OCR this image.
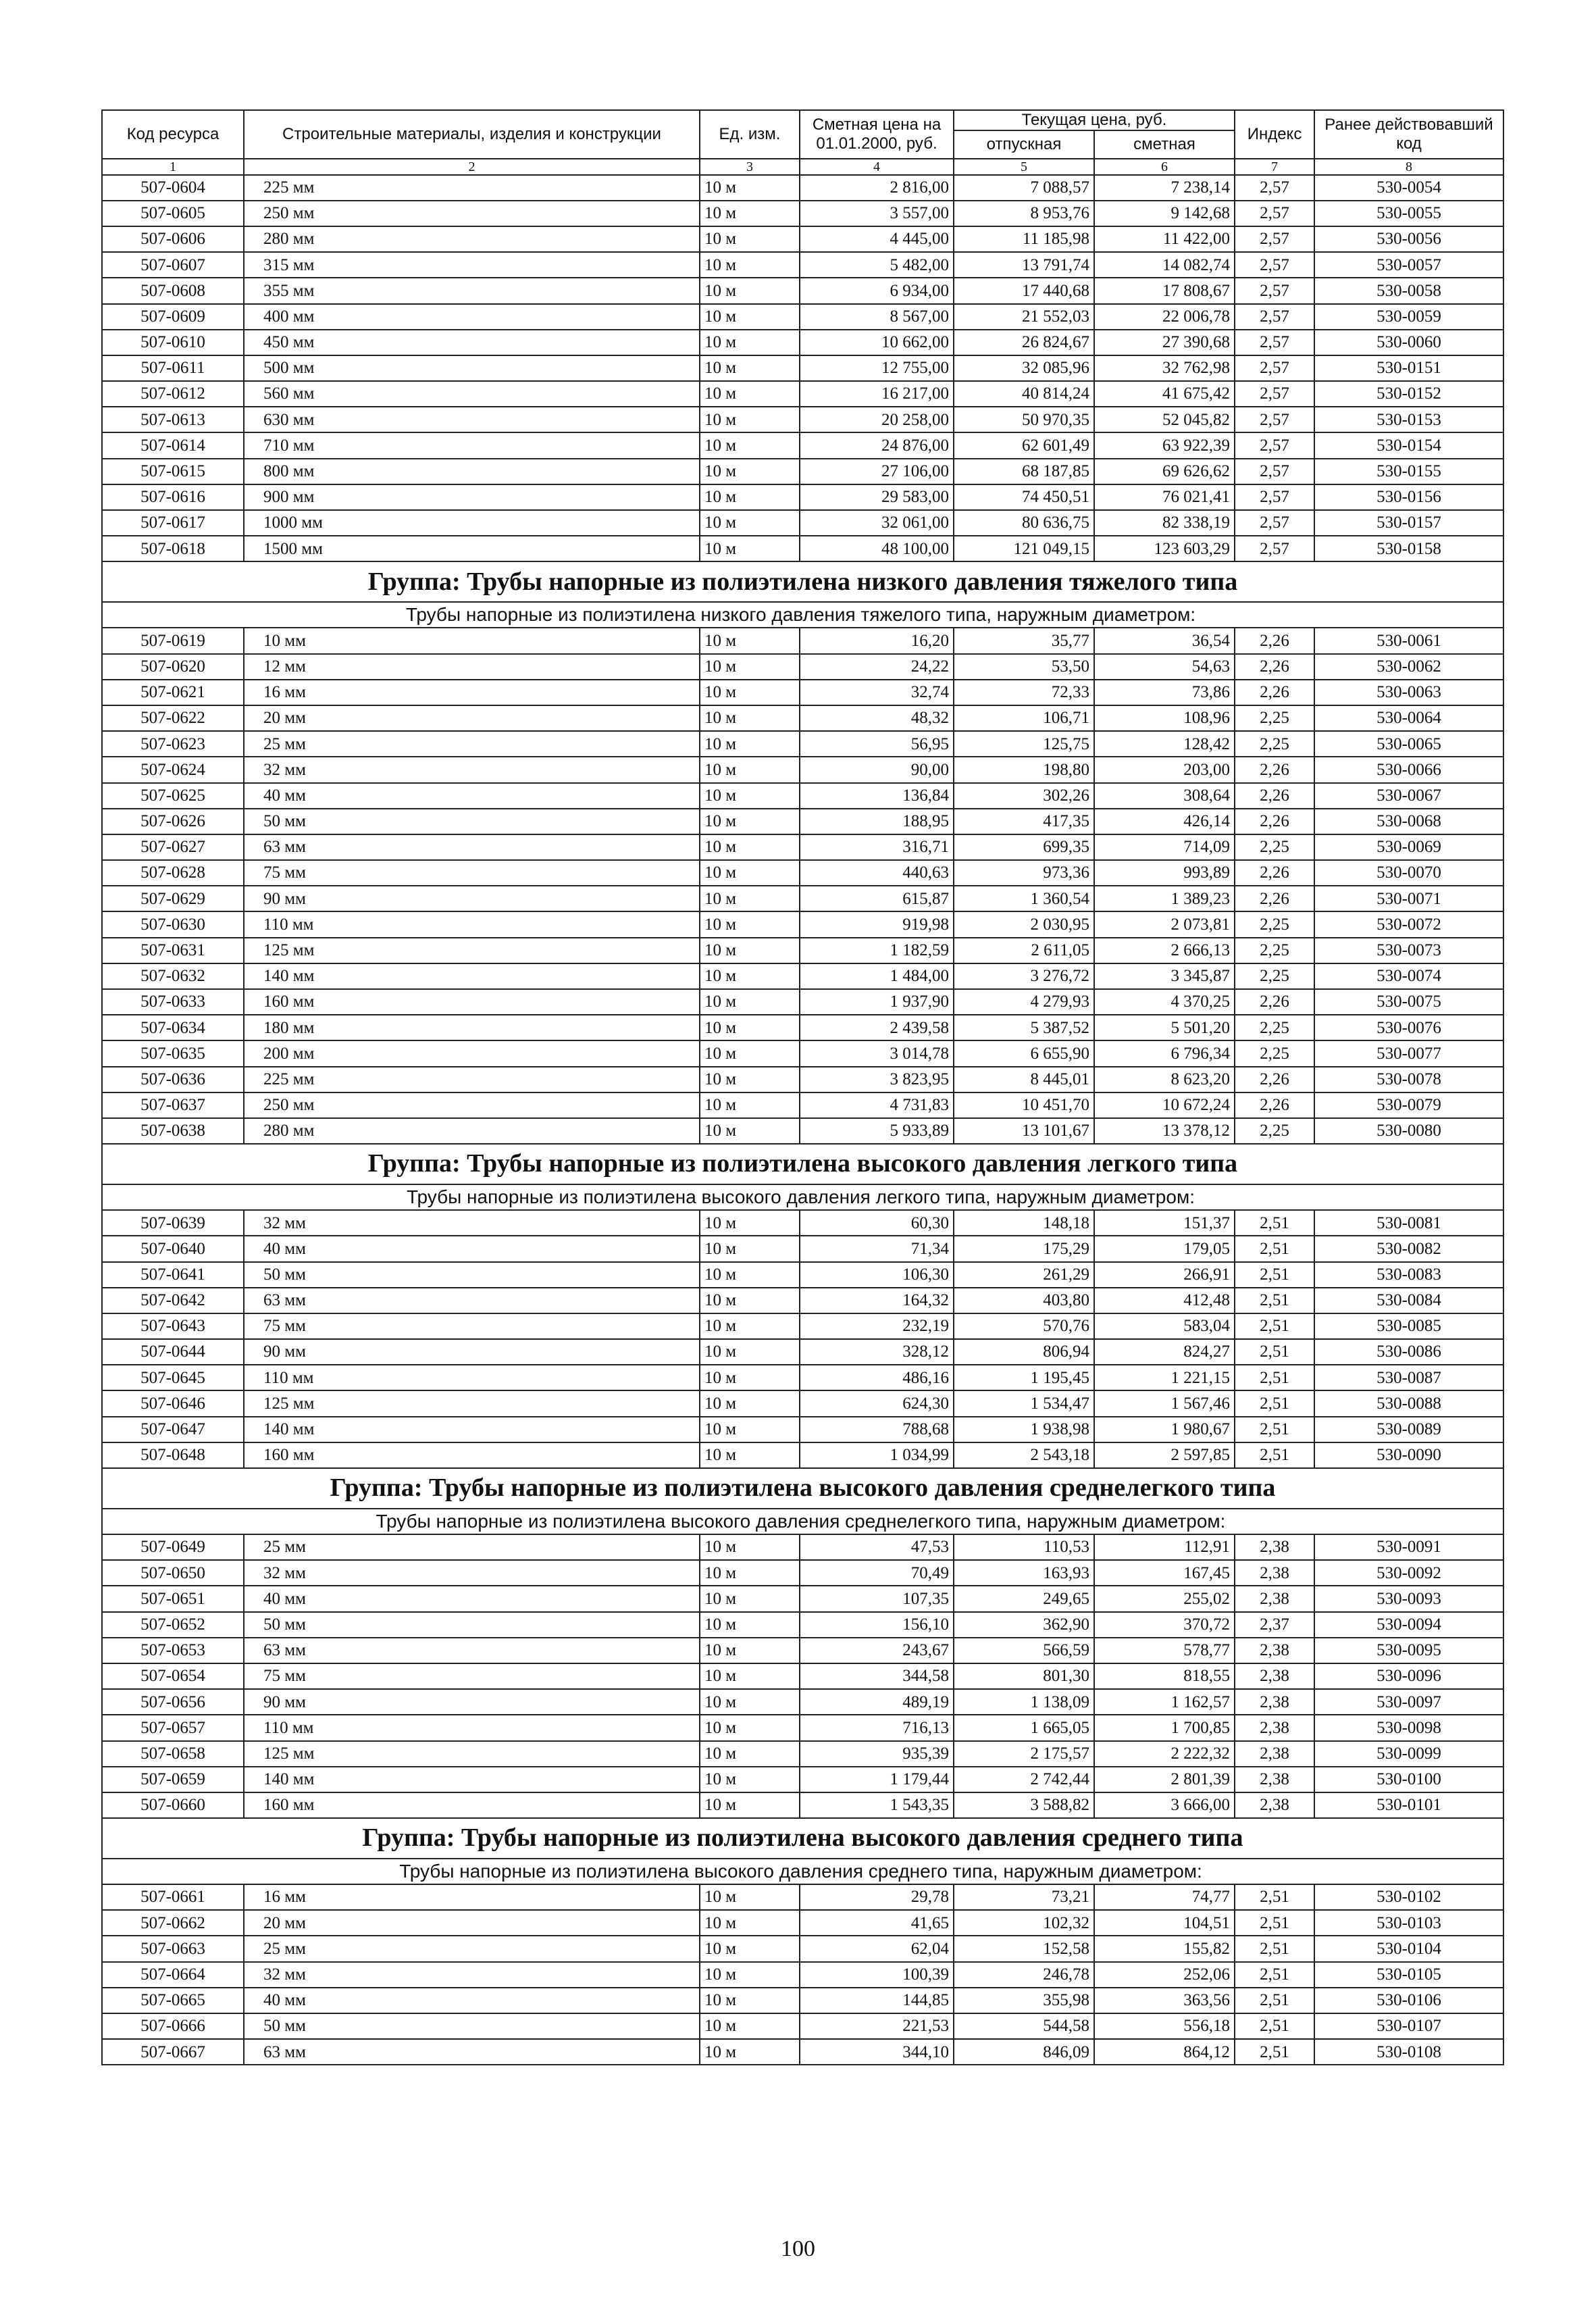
Код ресурса	Строительные материалы, изделия и конструкции	Ед. изм.	Сметная цена на 01.01.2000, руб.	Текущая цена, руб.		Индекс	Ранее действовавший код
				отпускная	сметная		
1	2	3	4	5	6	7	8
507-0604	225 мм	10 м	2 816,00	7 088,57	7 238,14	2,57	530-0054
507-0605	250 мм	10 м	3 557,00	8 953,76	9 142,68	2,57	530-0055
507-0606	280 мм	10 м	4 445,00	11 185,98	11 422,00	2,57	530-0056
507-0607	315 мм	10 м	5 482,00	13 791,74	14 082,74	2,57	530-0057
507-0608	355 мм	10 м	6 934,00	17 440,68	17 808,67	2,57	530-0058
507-0609	400 мм	10 м	8 567,00	21 552,03	22 006,78	2,57	530-0059
507-0610	450 мм	10 м	10 662,00	26 824,67	27 390,68	2,57	530-0060
507-0611	500 мм	10 м	12 755,00	32 085,96	32 762,98	2,57	530-0151
507-0612	560 мм	10 м	16 217,00	40 814,24	41 675,42	2,57	530-0152
507-0613	630 мм	10 м	20 258,00	50 970,35	52 045,82	2,57	530-0153
507-0614	710 мм	10 м	24 876,00	62 601,49	63 922,39	2,57	530-0154
507-0615	800 мм	10 м	27 106,00	68 187,85	69 626,62	2,57	530-0155
507-0616	900 мм	10 м	29 583,00	74 450,51	76 021,41	2,57	530-0156
507-0617	1000 мм	10 м	32 061,00	80 636,75	82 338,19	2,57	530-0157
507-0618	1500 мм	10 м	48 100,00	121 049,15	123 603,29	2,57	530-0158
Группа: Трубы напорные из полиэтилена низкого давления тяжелого типа							
Трубы напорные из полиэтилена низкого давления тяжелого типа, наружным диаметром:							
507-0619	10 мм	10 м	16,20	35,77	36,54	2,26	530-0061
507-0620	12 мм	10 м	24,22	53,50	54,63	2,26	530-0062
507-0621	16 мм	10 м	32,74	72,33	73,86	2,26	530-0063
507-0622	20 мм	10 м	48,32	106,71	108,96	2,25	530-0064
507-0623	25 мм	10 м	56,95	125,75	128,42	2,25	530-0065
507-0624	32 мм	10 м	90,00	198,80	203,00	2,26	530-0066
507-0625	40 мм	10 м	136,84	302,26	308,64	2,26	530-0067
507-0626	50 мм	10 м	188,95	417,35	426,14	2,26	530-0068
507-0627	63 мм	10 м	316,71	699,35	714,09	2,25	530-0069
507-0628	75 мм	10 м	440,63	973,36	993,89	2,26	530-0070
507-0629	90 мм	10 м	615,87	1 360,54	1 389,23	2,26	530-0071
507-0630	110 мм	10 м	919,98	2 030,95	2 073,81	2,25	530-0072
507-0631	125 мм	10 м	1 182,59	2 611,05	2 666,13	2,25	530-0073
507-0632	140 мм	10 м	1 484,00	3 276,72	3 345,87	2,25	530-0074
507-0633	160 мм	10 м	1 937,90	4 279,93	4 370,25	2,26	530-0075
507-0634	180 мм	10 м	2 439,58	5 387,52	5 501,20	2,25	530-0076
507-0635	200 мм	10 м	3 014,78	6 655,90	6 796,34	2,25	530-0077
507-0636	225 мм	10 м	3 823,95	8 445,01	8 623,20	2,26	530-0078
507-0637	250 мм	10 м	4 731,83	10 451,70	10 672,24	2,26	530-0079
507-0638	280 мм	10 м	5 933,89	13 101,67	13 378,12	2,25	530-0080
Группа: Трубы напорные из полиэтилена высокого давления легкого типа							
Трубы напорные из полиэтилена высокого давления легкого типа, наружным диаметром:							
507-0639	32 мм	10 м	60,30	148,18	151,37	2,51	530-0081
507-0640	40 мм	10 м	71,34	175,29	179,05	2,51	530-0082
507-0641	50 мм	10 м	106,30	261,29	266,91	2,51	530-0083
507-0642	63 мм	10 м	164,32	403,80	412,48	2,51	530-0084
507-0643	75 мм	10 м	232,19	570,76	583,04	2,51	530-0085
507-0644	90 мм	10 м	328,12	806,94	824,27	2,51	530-0086
507-0645	110 мм	10 м	486,16	1 195,45	1 221,15	2,51	530-0087
507-0646	125 мм	10 м	624,30	1 534,47	1 567,46	2,51	530-0088
507-0647	140 мм	10 м	788,68	1 938,98	1 980,67	2,51	530-0089
507-0648	160 мм	10 м	1 034,99	2 543,18	2 597,85	2,51	530-0090
Группа: Трубы напорные из полиэтилена высокого давления среднелегкого типа							
Трубы напорные из полиэтилена высокого давления среднелегкого типа, наружным диаметром:							
507-0649	25 мм	10 м	47,53	110,53	112,91	2,38	530-0091
507-0650	32 мм	10 м	70,49	163,93	167,45	2,38	530-0092
507-0651	40 мм	10 м	107,35	249,65	255,02	2,38	530-0093
507-0652	50 мм	10 м	156,10	362,90	370,72	2,37	530-0094
507-0653	63 мм	10 м	243,67	566,59	578,77	2,38	530-0095
507-0654	75 мм	10 м	344,58	801,30	818,55	2,38	530-0096
507-0656	90 мм	10 м	489,19	1 138,09	1 162,57	2,38	530-0097
507-0657	110 мм	10 м	716,13	1 665,05	1 700,85	2,38	530-0098
507-0658	125 мм	10 м	935,39	2 175,57	2 222,32	2,38	530-0099
507-0659	140 мм	10 м	1 179,44	2 742,44	2 801,39	2,38	530-0100
507-0660	160 мм	10 м	1 543,35	3 588,82	3 666,00	2,38	530-0101
Группа: Трубы напорные из полиэтилена высокого давления среднего типа							
Трубы напорные из полиэтилена высокого давления среднего типа, наружным диаметром:							
507-0661	16 мм	10 м	29,78	73,21	74,77	2,51	530-0102
507-0662	20 мм	10 м	41,65	102,32	104,51	2,51	530-0103
507-0663	25 мм	10 м	62,04	152,58	155,82	2,51	530-0104
507-0664	32 мм	10 м	100,39	246,78	252,06	2,51	530-0105
507-0665	40 мм	10 м	144,85	355,98	363,56	2,51	530-0106
507-0666	50 мм	10 м	221,53	544,58	556,18	2,51	530-0107
507-0667	63 мм	10 м	344,10	846,09	864,12	2,51	530-0108
100
